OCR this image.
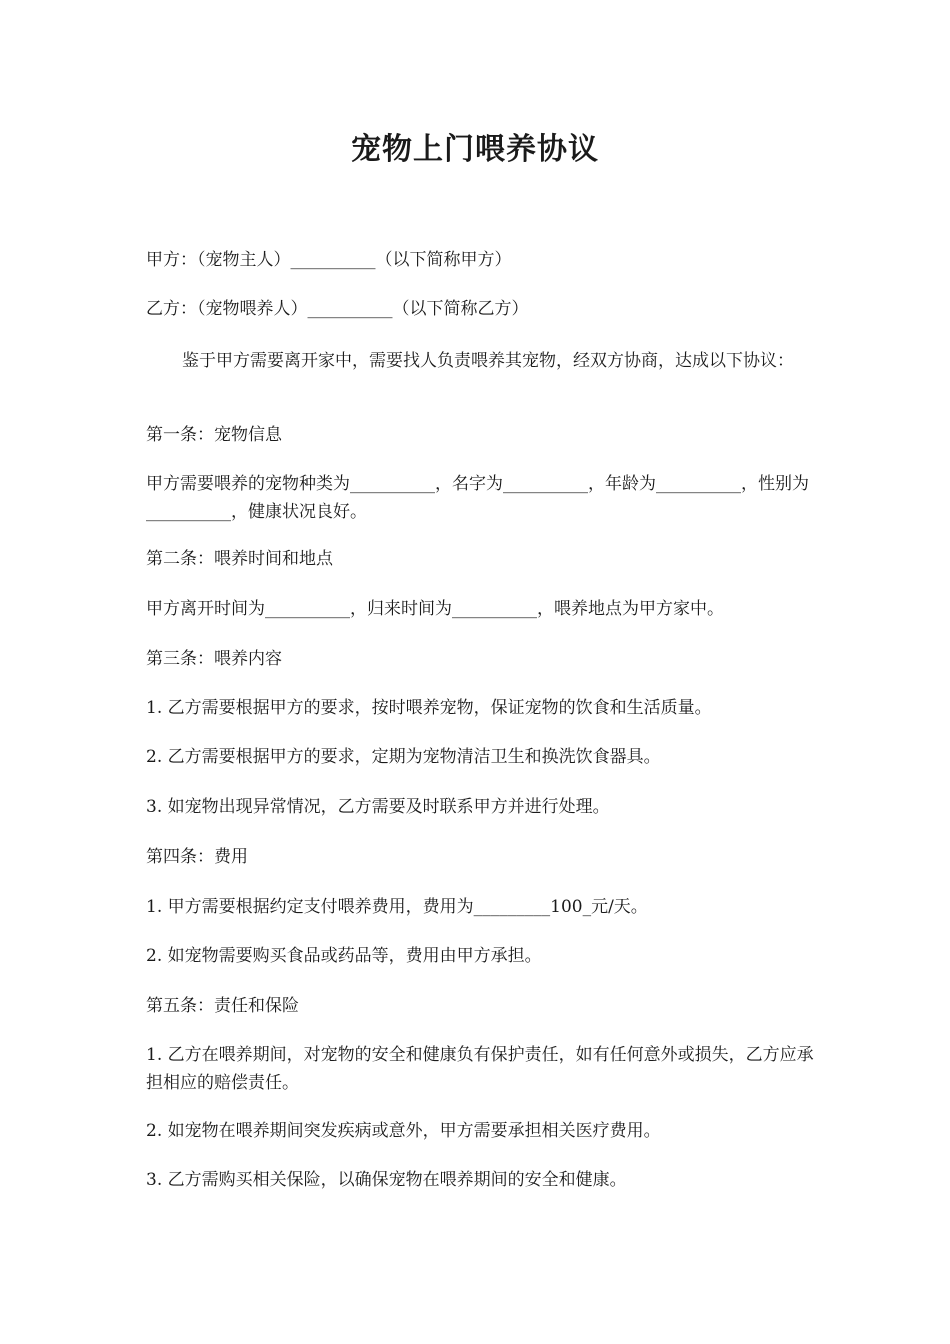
宠物上门喂养协议
甲方：（宠物主人）__________（以下简称甲方）
乙方：（宠物喂养人）__________（以下简称乙方）
鉴于甲方需要离开家中，需要找人负责喂养其宠物，经双方协商，达成以下协议：
第一条：宠物信息
甲方需要喂养的宠物种类为__________，名字为__________，年龄为__________，性别为__________，健康状况良好。
第二条：喂养时间和地点
甲方离开时间为__________，归来时间为__________，喂养地点为甲方家中。
第三条：喂养内容
1. 乙方需要根据甲方的要求，按时喂养宠物，保证宠物的饮食和生活质量。
2. 乙方需要根据甲方的要求，定期为宠物清洁卫生和换洗饮食器具。
3. 如宠物出现异常情况，乙方需要及时联系甲方并进行处理。
第四条：费用
1. 甲方需要根据约定支付喂养费用，费用为_________100_元/天。
2. 如宠物需要购买食品或药品等，费用由甲方承担。
第五条：责任和保险
1. 乙方在喂养期间，对宠物的安全和健康负有保护责任，如有任何意外或损失，乙方应承担相应的赔偿责任。
2. 如宠物在喂养期间突发疾病或意外，甲方需要承担相关医疗费用。
3. 乙方需购买相关保险，以确保宠物在喂养期间的安全和健康。
